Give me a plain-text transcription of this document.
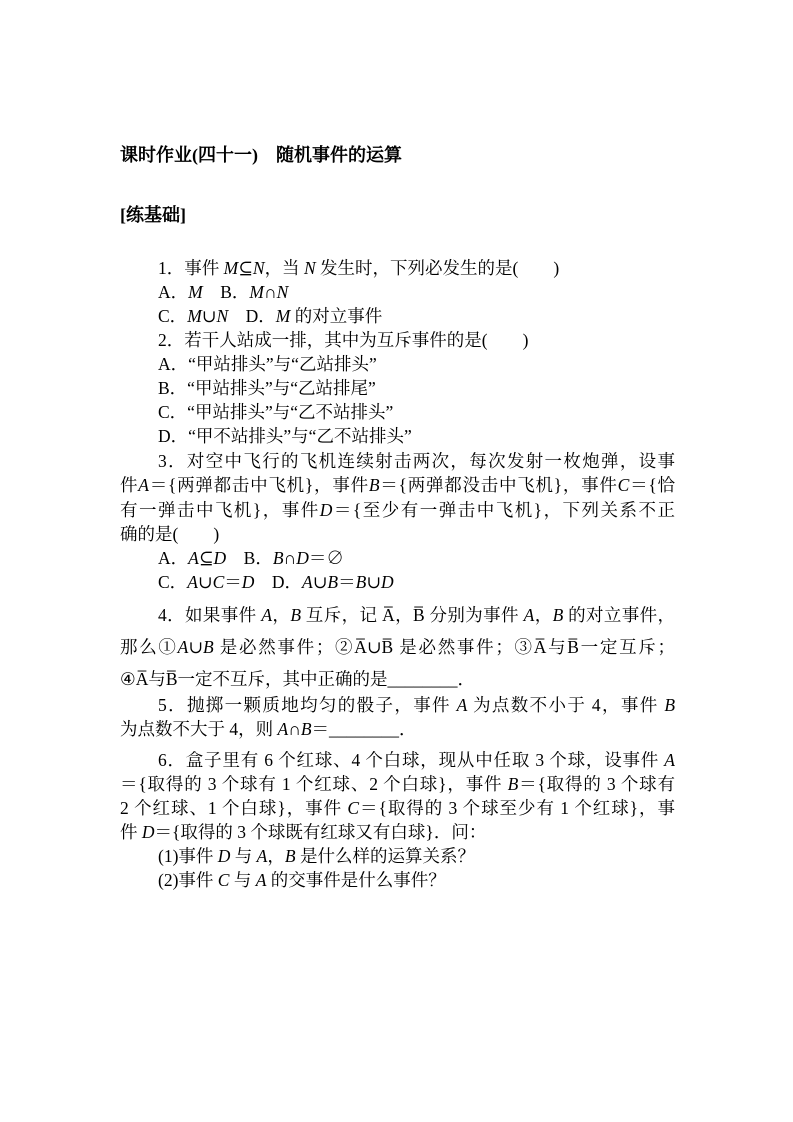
课时作业(四十一)　随机事件的运算
[练基础]
1．事件 M⊆N，当 N 发生时，下列必发生的是(　　)
A．M　B．M∩N
C．M∪N　D．M 的对立事件
2．若干人站成一排，其中为互斥事件的是(　　)
A．“甲站排头”与“乙站排头”
B．“甲站排头”与“乙站排尾”
C．“甲站排头”与“乙不站排头”
D．“甲不站排头”与“乙不站排头”
3．对空中飞行的飞机连续射击两次，每次发射一枚炮弹，设事
件A＝{两弹都击中飞机}，事件B＝{两弹都没击中飞机}，事件C＝{恰
有一弹击中飞机}，事件D＝{至少有一弹击中飞机}，下列关系不正
确的是(　　)
A．A⊆D　B．B∩D＝∅
C．A∪C＝D　D．A∪B＝B∪D
4．如果事件 A，B 互斥，记 A̅，B̅ 分别为事件 A，B 的对立事件，
那么①A∪B 是必然事件；②A̅∪B̅ 是必然事件；③A̅与B̅一定互斥；
④A̅与B̅一定不互斥，其中正确的是________．
5．抛掷一颗质地均匀的骰子，事件 A 为点数不小于 4，事件 B
为点数不大于 4，则 A∩B＝________．
6．盒子里有 6 个红球、4 个白球，现从中任取 3 个球，设事件 A
＝{取得的 3 个球有 1 个红球、2 个白球}，事件 B＝{取得的 3 个球有
2 个红球、1 个白球}，事件 C＝{取得的 3 个球至少有 1 个红球}，事
件 D＝{取得的 3 个球既有红球又有白球}．问：
(1)事件 D 与 A，B 是什么样的运算关系？
(2)事件 C 与 A 的交事件是什么事件？
